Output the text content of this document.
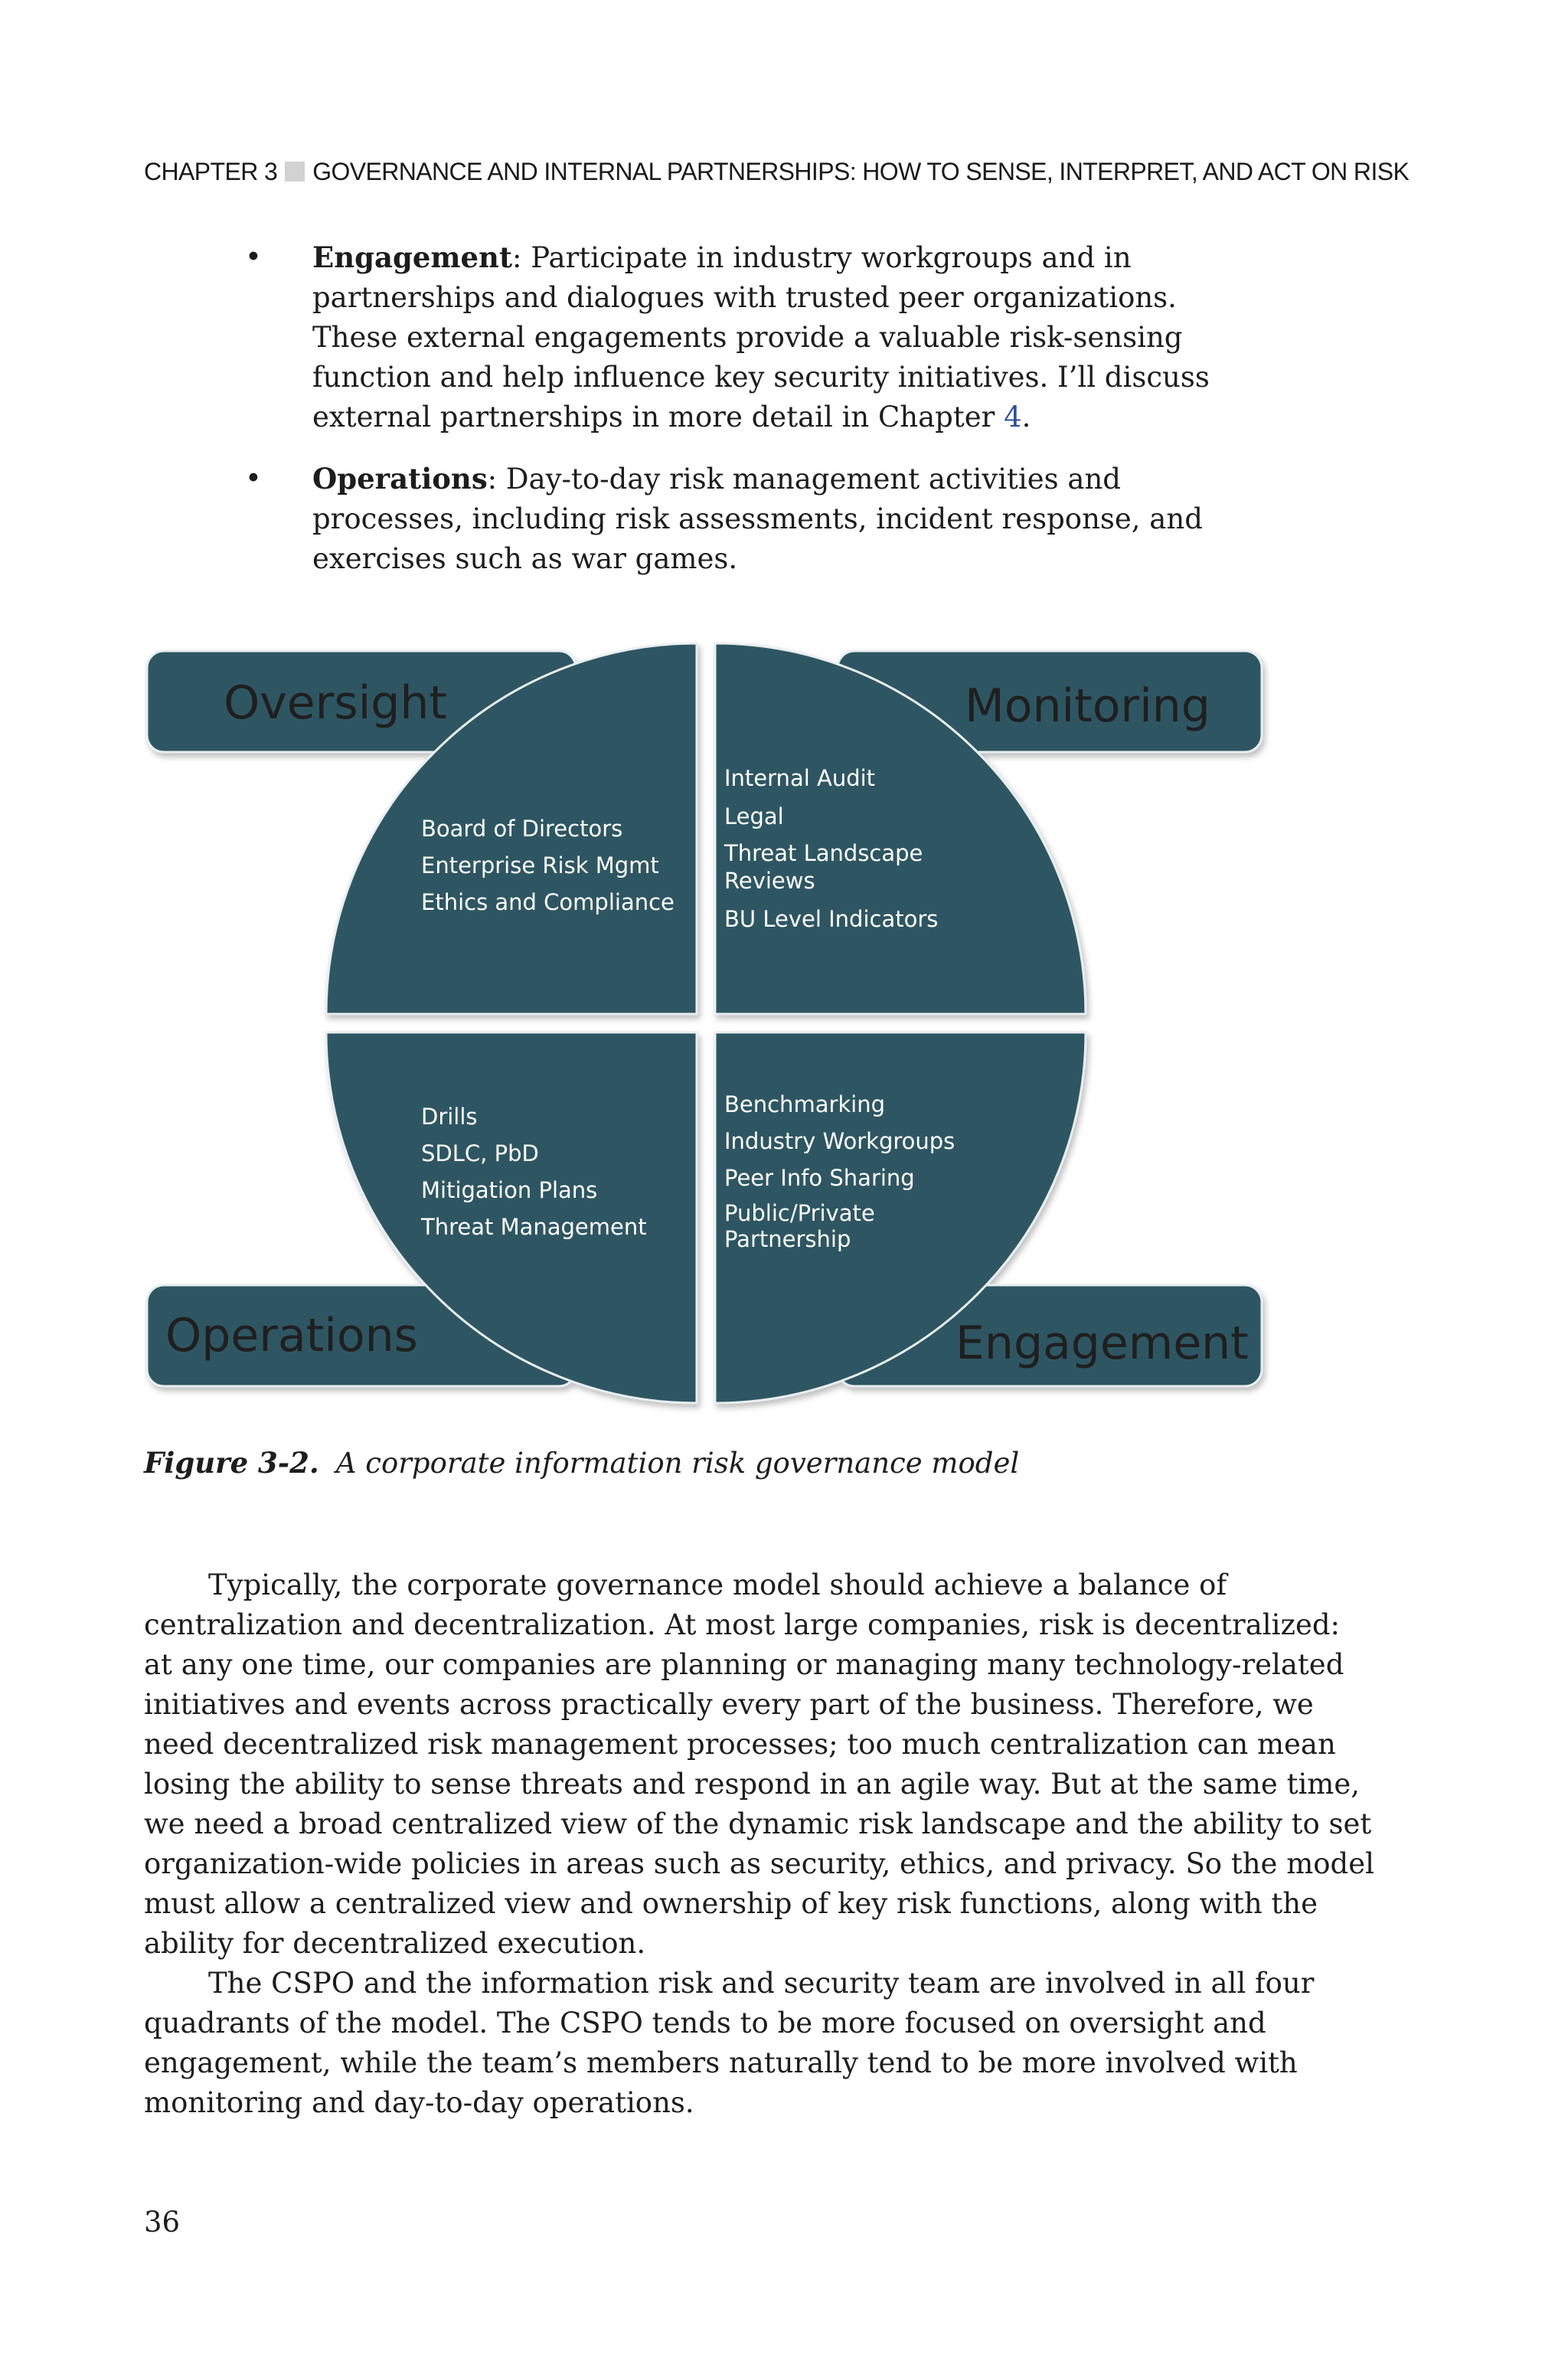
CHAPTER 3 GOVERNANCE AND INTERNAL PARTNERSHIPS: HOW TO SENSE, INTERPRET, AND ACT ON RISK
• Engagement: Participate in industry workgroups and in partnerships and dialogues with trusted peer organizations. These external engagements provide a valuable risk-sensing function and help influence key security initiatives. I’ll discuss external partnerships in more detail in Chapter 4.
• Operations: Day-to-day risk management activities and processes, including risk assessments, incident response, and exercises such as war games.
Oversight	Monitoring
Operations	Engagement
Board of Directors
Enterprise Risk Mgmt
Ethics and Compliance
Internal Audit
Legal
Threat Landscape
Reviews
BU Level Indicators
Drills
SDLC, PbD
Mitigation Plans
Threat Management
Benchmarking
Industry Workgroups
Peer Info Sharing
Public/Private
Partnership
Figure 3-2. A corporate information risk governance model

Typically, the corporate governance model should achieve a balance of centralization and decentralization. At most large companies, risk is decentralized: at any one time, our companies are planning or managing many technology-related initiatives and events across practically every part of the business. Therefore, we need decentralized risk management processes; too much centralization can mean losing the ability to sense threats and respond in an agile way. But at the same time, we need a broad centralized view of the dynamic risk landscape and the ability to set organization-wide policies in areas such as security, ethics, and privacy. So the model must allow a centralized view and ownership of key risk functions, along with the ability for decentralized execution.

The CSPO and the information risk and security team are involved in all four quadrants of the model. The CSPO tends to be more focused on oversight and engagement, while the team’s members naturally tend to be more involved with monitoring and day-to-day operations.

36
